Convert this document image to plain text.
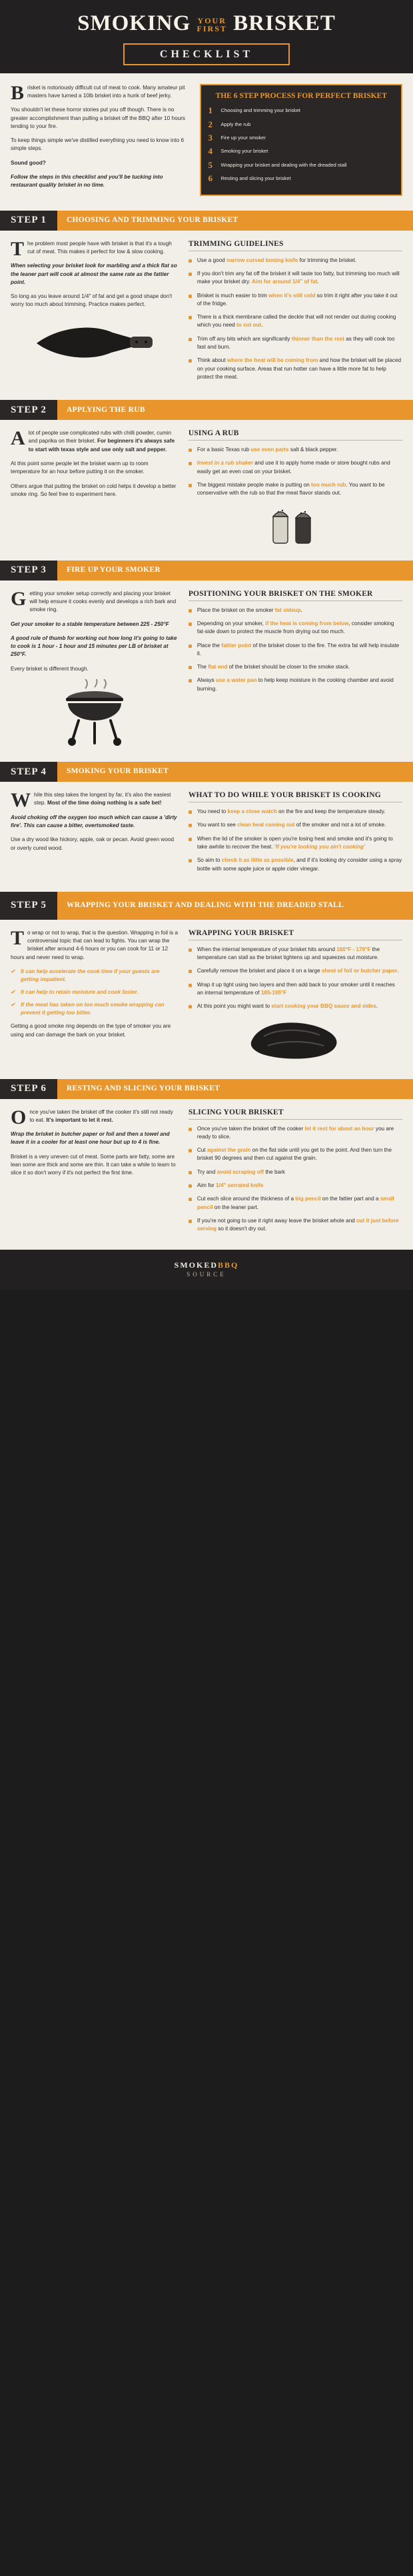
SMOKING YOUR
FIRST BRISKET
CHECKLIST

B risket is notoriously difficult cut of meat to cook. Many amateur pit masters have turned a 10lb brisket into a hunk of beef jerky.

You shouldn't let these horror stories put you off though. There is no greater accomplishment than pulling a brisket off the BBQ after 10 hours tending to your fire.

To keep things simple we've distilled everything you need to know into 6 simple steps.

Sound good?

Follow the steps in this checklist and you'll be tucking into restaurant quality brisket in no time.

THE 6 STEP PROCESS FOR PERFECT BRISKET
1	Choosing and trimming your brisket
2	Apply the rub
3	Fire up your smoker
4	Smoking your brisket
5	Wrapping your brisket and dealing with the dreaded stall
6	Resting and slicing your brisket
STEP 1	CHOOSING AND TRIMMING YOUR BRISKET

T he problem most people have with brisket is that it's a tough cut of meat. This makes it perfect for low & slow cooking.

When selecting your brisket look for marbling and a thick flat so the leaner part will cook at almost the same rate as the fattier point.

So long as you leave around 1/4" of fat and get a good shape don't worry too much about trimming. Practice makes perfect.

TRIMMING GUIDELINES
Use a good narrow curved boning knife for trimming the brisket.
If you don't trim any fat off the brisket it will taste too fatty, but trimming too much will make your brisket dry. Aim for around 1/4" of fat.
Brisket is much easier to trim when it's still cold so trim it right after you take it out of the fridge.
There is a thick membrane called the deckle that will not render out during cooking which you need to cut out.
Trim off any bits which are significantly thinner than the rest as they will cook too fast and burn.
Think about where the heat will be coming from and how the brisket will be placed on your cooking surface. Areas that run hotter can have a little more fat to help protect the meat.
STEP 2	APPLYING THE RUB

A lot of people use complicated rubs with chilli powder, cumin and paprika on their brisket. For beginners it's always safe to start with texas style and use only salt and pepper.

At this point some people let the brisket warm up to room temperature for an hour before putting it on the smoker.

Others argue that putting the brisket on cold helps it develop a better smoke ring. So feel free to experiment here.

USING A RUB
For a basic Texas rub use even parts salt & black pepper.
Invest in a rub shaker and use it to apply home made or store bought rubs and easily get an even coat on your brisket.
The biggest mistake people make is putting on too much rub. You want to be conservative with the rub so that the meat flavor stands out.
STEP 3	FIRE UP YOUR SMOKER

G etting your smoker setup correctly and placing your brisket will help ensure it cooks evenly and develops a rich bark and smoke ring.

Get your smoker to a stable temperature between 225 - 250°F

A good rule of thumb for working out how long it's going to take to cook is 1 hour - 1 hour and 15 minutes per LB of brisket at 250°F.

Every brisket is different though.

POSITIONING YOUR BRISKET ON THE SMOKER
Place the brisket on the smoker fat sideup.
Depending on your smoker, if the heat is coming from below, consider smoking fat-side down to protect the muscle from drying out too much.
Place the fattier point of the brisket closer to the fire. The extra fat will help insulate it.
The flat end of the brisket should be closer to the smoke stack.
Always use a water pan to help keep moisture in the cooking chamber and avoid burning.
STEP 4	SMOKING YOUR BRISKET

W hile this step takes the longest by far, it's also the easiest step. Most of the time doing nothing is a safe bet!

Avoid choking off the oxygen too much which can cause a 'dirty fire'. This can cause a bitter, overtsmoked taste.

Use a dry wood like hickory, apple, oak or pecan. Avoid green wood or overly cured wood.

WHAT TO DO WHILE YOUR BRISKET IS COOKING
You need to keep a close watch on the fire and keep the temperature steady.
You want to see clean heat coming out of the smoker and not a lot of smoke.
When the lid of the smoker is open you're losing heat and smoke and it's going to take awhile to recover the heat. 'If you're looking you ain't cooking'
So aim to check it as little as possible, and if it's looking dry consider using a spray bottle with some apple juice or apple cider vinegar.
STEP 5	WRAPPING YOUR BRISKET AND DEALING WITH THE DREADED STALL

T o wrap or not to wrap, that is the question. Wrapping in foil is a controversial topic that can lead to fights. You can wrap the brisket after around 4-6 hours or you can cook for 11 or 12 hours and never need to wrap.

✔ It can help accelerate the cook time if your guests are getting impatient.
✔ It can help to retain moisture and cook faster.
✔ If the meat has taken on too much smoke wrapping can prevent it getting too bitter.

Getting a good smoke ring depends on the type of smoker you are using and can damage the bark on your brisket.

WRAPPING YOUR BRISKET
When the internal temperature of your brisket hits around 160°F - 170°F the temperature can stall as the brisket tightens up and squeezes out moisture.
Carefully remove the brisket and place it on a large sheet of foil or butcher paper.
Wrap it up tight using two layers and then add back to your smoker until it reaches an internal temperature of 185-195°F
At this point you might want to start cooking your BBQ sauce and sides.
STEP 6	RESTING AND SLICING YOUR BRISKET

O nce you've taken the brisket off the cooker it's still not ready to eat. It's important to let it rest.

Wrap the brisket in butcher paper or foil and then a towel and leave it in a cooler for at least one hour but up to 4 is fine.

Brisket is a very uneven cut of meat. Some parts are fatty, some are lean some are thick and some are thin. It can take a while to learn to slice it so don't worry if it's not perfect the first time.

SLICING YOUR BRISKET
Once you've taken the brisket off the cooker let it rest for about an hour you are ready to slice.
Cut against the grain on the flat side until you get to the point. And then turn the brisket 90 degrees and then cut against the grain.
Try and avoid scraping off the bark
Aim for 1/4" serrated knife
Cut each slice around the thickness of a big pencil on the fattier part and a small pencil on the leaner part.
If you're not going to use it right away leave the brisket whole and cut it just before serving so it doesn't dry out.
SMOKEDBBQ
SOURCE
